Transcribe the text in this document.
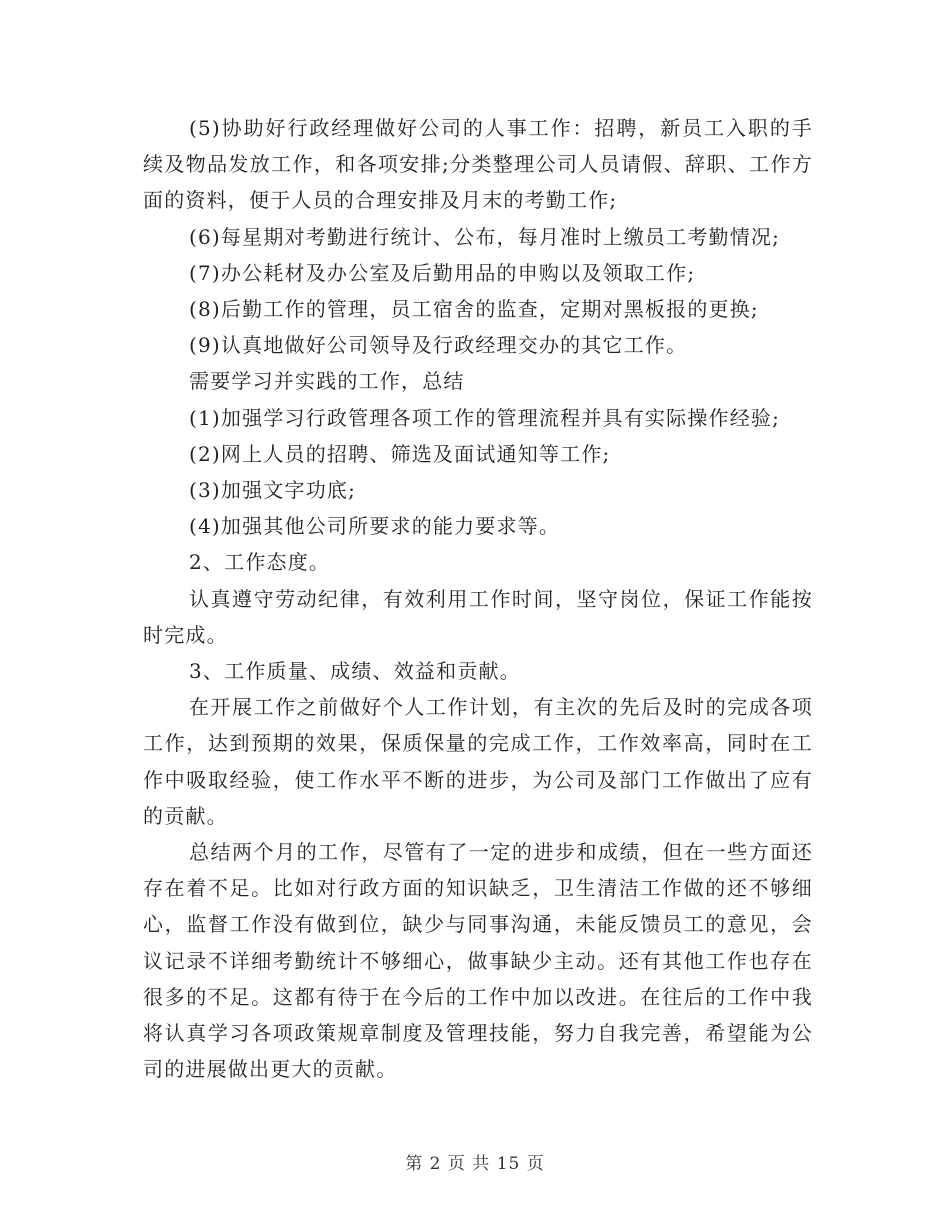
(5)协助好行政经理做好公司的人事工作：招聘，新员工入职的手续及物品发放工作，和各项安排;分类整理公司人员请假、辞职、工作方面的资料，便于人员的合理安排及月末的考勤工作;

(6)每星期对考勤进行统计、公布，每月准时上缴员工考勤情况;

(7)办公耗材及办公室及后勤用品的申购以及领取工作;

(8)后勤工作的管理，员工宿舍的监查，定期对黑板报的更换;

(9)认真地做好公司领导及行政经理交办的其它工作。

需要学习并实践的工作，总结

(1)加强学习行政管理各项工作的管理流程并具有实际操作经验;

(2)网上人员的招聘、筛选及面试通知等工作;

(3)加强文字功底;

(4)加强其他公司所要求的能力要求等。

2、工作态度。

认真遵守劳动纪律，有效利用工作时间，坚守岗位，保证工作能按时完成。

3、工作质量、成绩、效益和贡献。

在开展工作之前做好个人工作计划，有主次的先后及时的完成各项工作，达到预期的效果，保质保量的完成工作，工作效率高，同时在工作中吸取经验，使工作水平不断的进步，为公司及部门工作做出了应有的贡献。

总结两个月的工作，尽管有了一定的进步和成绩，但在一些方面还存在着不足。比如对行政方面的知识缺乏，卫生清洁工作做的还不够细心，监督工作没有做到位，缺少与同事沟通，未能反馈员工的意见，会议记录不详细考勤统计不够细心，做事缺少主动。还有其他工作也存在很多的不足。这都有待于在今后的工作中加以改进。在往后的工作中我将认真学习各项政策规章制度及管理技能，努力自我完善，希望能为公司的进展做出更大的贡献。

第 2 页 共 15 页
